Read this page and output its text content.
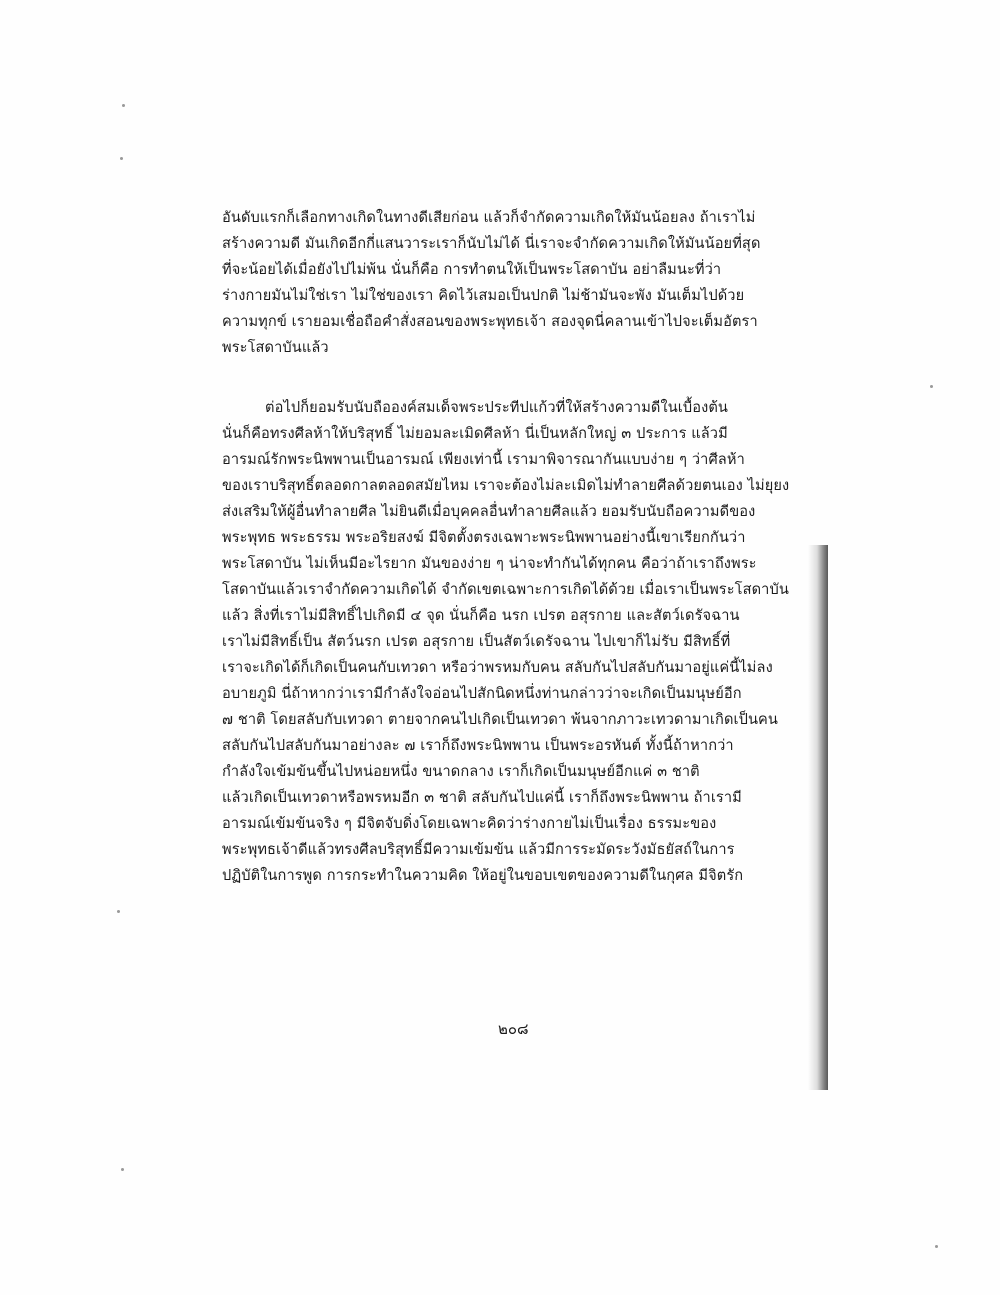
อันดับแรกก็เลือกทางเกิดในทางดีเสียก่อน แล้วก็จำกัดความเกิดให้มันน้อยลง ถ้าเราไม่
สร้างความดี มันเกิดอีกกี่แสนวาระเราก็นับไม่ได้ นี่เราจะจำกัดความเกิดให้มันน้อยที่สุด
ที่จะน้อยได้เมื่อยังไปไม่พ้น นั่นก็คือ การทำตนให้เป็นพระโสดาบัน อย่าลืมนะที่ว่า
ร่างกายมันไม่ใช่เรา ไม่ใช่ของเรา คิดไว้เสมอเป็นปกติ ไม่ช้ามันจะพัง มันเต็มไปด้วย
ความทุกข์ เรายอมเชื่อถือคำสั่งสอนของพระพุทธเจ้า สองจุดนี่คลานเข้าไปจะเต็มอัตรา
พระโสดาบันแล้ว
ต่อไปก็ยอมรับนับถือองค์สมเด็จพระประทีปแก้วที่ให้สร้างความดีในเบื้องต้น
นั่นก็คือทรงศีลห้าให้บริสุทธิ์ ไม่ยอมละเมิดศีลห้า นี่เป็นหลักใหญ่ ๓ ประการ แล้วมี
อารมณ์รักพระนิพพานเป็นอารมณ์ เพียงเท่านี้ เรามาพิจารณากันแบบง่าย ๆ ว่าศีลห้า
ของเราบริสุทธิ์ตลอดกาลตลอดสมัยไหม เราจะต้องไม่ละเมิดไม่ทำลายศีลด้วยตนเอง ไม่ยุยง
ส่งเสริมให้ผู้อื่นทำลายศีล ไม่ยินดีเมื่อบุคคลอื่นทำลายศีลแล้ว ยอมรับนับถือความดีของ
พระพุทธ พระธรรม พระอริยสงฆ์ มีจิตตั้งตรงเฉพาะพระนิพพานอย่างนี้เขาเรียกกันว่า
พระโสดาบัน ไม่เห็นมีอะไรยาก มันของง่าย ๆ น่าจะทำกันได้ทุกคน คือว่าถ้าเราถึงพระ
โสดาบันแล้วเราจำกัดความเกิดได้ จำกัดเขตเฉพาะการเกิดได้ด้วย เมื่อเราเป็นพระโสดาบัน
แล้ว สิ่งที่เราไม่มีสิทธิ์ไปเกิดมี ๔ จุด นั่นก็คือ นรก เปรต อสุรกาย และสัตว์เดรัจฉาน
เราไม่มีสิทธิ์เป็น สัตว์นรก เปรต อสุรกาย เป็นสัตว์เดรัจฉาน ไปเขาก็ไม่รับ มีสิทธิ์ที่
เราจะเกิดได้ก็เกิดเป็นคนกับเทวดา หรือว่าพรหมกับคน สลับกันไปสลับกันมาอยู่แค่นี้ไม่ลง
อบายภูมิ นี่ถ้าหากว่าเรามีกำลังใจอ่อนไปสักนิดหนึ่งท่านกล่าวว่าจะเกิดเป็นมนุษย์อีก
๗ ชาติ โดยสลับกับเทวดา ตายจากคนไปเกิดเป็นเทวดา พ้นจากภาวะเทวดามาเกิดเป็นคน
สลับกันไปสลับกันมาอย่างละ ๗ เราก็ถึงพระนิพพาน เป็นพระอรหันต์ ทั้งนี้ถ้าหากว่า
กำลังใจเข้มข้นขึ้นไปหน่อยหนึ่ง ขนาดกลาง เราก็เกิดเป็นมนุษย์อีกแค่ ๓ ชาติ
แล้วเกิดเป็นเทวดาหรือพรหมอีก ๓ ชาติ สลับกันไปแค่นี้ เราก็ถึงพระนิพพาน ถ้าเรามี
อารมณ์เข้มข้นจริง ๆ มีจิตจับดิ่งโดยเฉพาะคิดว่าร่างกายไม่เป็นเรื่อง ธรรมะของ
พระพุทธเจ้าดีแล้วทรงศีลบริสุทธิ์มีความเข้มข้น แล้วมีการระมัดระวังมัธยัสถ์ในการ
ปฏิบัติในการพูด การกระทำในความคิด ให้อยู่ในขอบเขตของความดีในกุศล มีจิตรัก
๒๐๘
